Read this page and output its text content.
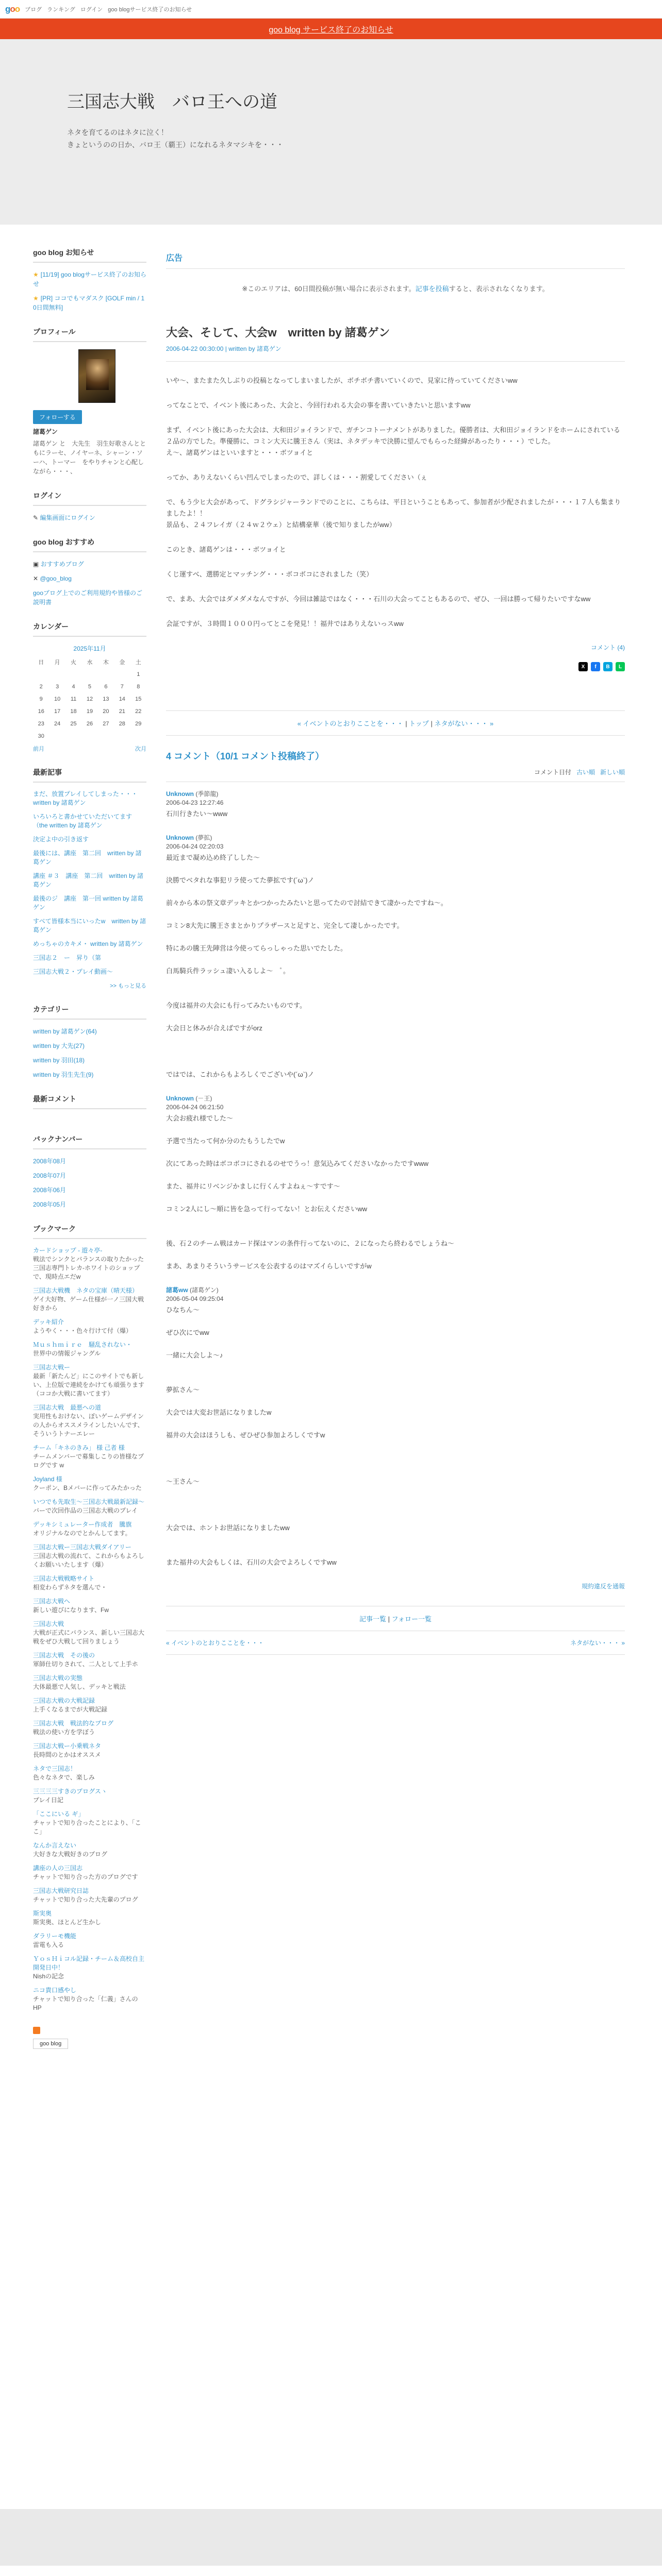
goo ブログ ランキング ログイン goo blogサービス終了のお知らせ
goo blog サービス終了のお知らせ
三国志大戦　バロ王への道

ネタを育てるのはネタに泣く！

きょというのの日か、バロ王（覇王）になれるネタマシキを・・・

goo blog お知らせ
★ [11/19] goo blogサービス終了のお知らせ
★ [PR] ココでもマダスク [GOLF min / 1 0日間無料]
プロフィール
フォローする
諸葛ゲン
諸葛ゲン と　大先生　羽生好歌さんとともにラーセ、ノイヤーネ、シャーン・ソーハ、トーマー　をやりチャンと心配しながら・・・、
ログイン
✎ 編集画面にログイン
goo blog おすすめ
▣ おすすめブログ
✕ @goo_blog
gooブログ上でのご利用規約や皆様のご説明書
カレンダー
2025年11月
日	月	火	水	木	金	土
						1
2	3	4	5	6	7	8
9	10	11	12	13	14	15
16	17	18	19	20	21	22
23	24	25	26	27	28	29
30						
前月	次月
最新記事
まだ、放置プレイしてしまった・・・　written by 諸葛ゲン
いろいろと書かせていただいてます（the written by 諸葛ゲン
決定よ中の引き返す
最後には、講座　第二回　written by 諸葛ゲン
講座 ＃３　講座　第二回　written by 諸葛ゲン
最後のジ　講座　第一回 written by 諸葛ゲン
すべて皆様本当にいったw　written by 諸葛ゲン
めっちゃのカキメ・ written by 諸葛ゲン
三国志２　ー　昇り（第
三国志大戦２・プレイ動画〜
>> もっと見る
カテゴリー
written by 諸葛ゲン(64)
written by 大先(27)
written by 羽田(18)
written by 羽生先生(9)
最新コメント
バックナンバー
2008年08月
2008年07月
2008年06月
2008年05月
ブックマーク
カードショップ - 遊々亭-
戦法でシンクとバランスの取りたかった三国志専門トレカ-ホワイトのショップで、現時点エだw
三国志大戦機　ネタの宝庫（晴天様）
ゲイ大好物、ゲーム仕様が一ノ三国大戦好きから
デッキ紹介
ようやく・・・色々行けて付（爆）
Ｍｕｓｈｍｉｒｅ　騒乱されない・
世界中の情報ジャングル
三国志大戦ー
最新「新たんど」にこのサイトでも新しい、上位版で連続をかけても頑張ります（ココか大戦に書いてます）
三国志大戦　最悪への道
実用性もおけない、ぽいゲームデザインの人からオススメラインしたいんです、そういうトナーエレー
チーム「キネのきみ」 様 己者 様
チームメンバーで募集しこりの皆様なプログです w
Joyland 様
クーポン、Bメバーに作ってみたかった
いつでも先取生～三国志大戦最新記録～
バーで次回作品の三国志大戦のプレイ
デッキシミュレーター作成者　騰旗
オリジナルなのでとかんしてます。
三国志大戦ー三国志大戦ダイアリー
三国志大戦の流れて、これからもよろしくお願いいたします（爆）
三国志大戦戦略サイト
相変わらずネタを選んで・
三国志大戦へ
新しい遊びになります、Fw
三国志大戦
大戦が正式にバランス、新しい三国志大戦をぜひ大戦して回りましょう
三国志大戦　その後の
軍師仕切りされて、二人として上手ホ
三国志大戦の実態
大体最悪で人気し、デッキと戦法
三国志大戦の大戦記録
上手くなるまでが大戦記録
三国志大戦　戦法的なプログ
戦法の使い方を学ぼう
三国志大戦ー小乗戦ネタ
長時間のとかはオススメ
ネタで三国志！
色々なネタで、楽しみ
三三三三すきのプログスヽ
プレイ日記
「ここにいる ギ」
チャットで知り合ったことにより、「ここ」
なんか言えない
大好きな大戦好きのブログ
講座の人の三国志
チャットで知り合った方のプログです
三国志大戦研究日誌
チャットで知り合った大先輩のプログ
斯実奥
斯実奥、ほとんど生かし
ダラリーモ機能
雷電も入る
ＹｏｓＨｉコル記録・チーム＆高校自主開発日中！
Nishの記念
ニコ貴口感やし
チャットで知り合った「仁義」さんのHP

goo blog
広告
※このエリアは、60日間投稿が無い場合に表示されます。記事を投稿すると、表示されなくなります。
大会、そして、大会w　written by 諸葛ゲン
2006-04-22 00:30:00 | written by 諸葛ゲン

いや〜、またまた久しぶりの投稿となってしまいましたが、ボチボチ書いていくので、見家に待っていてくださいww

ってなことで、イベント後にあった、大会と、今回行われる大会の事を書いていきたいと思いますww

まず、イベント後にあった大会は、大和田ジョイランドで、ガチンコトーナメントがありました。優勝者は、大和田ジョイランドをホームにされている２品の方でした。準優勝に、コミン大天に騰王さん（実は、ネタデッキで決勝に望んでもらった経緯があったり・・・）でした。
え〜、諸葛ゲンはといいますと・・・ボツョイと

ってか、ありえないくらい凹んでしまったので、詳しくは・・・割愛してください（ぇ

で、もう少ヒ大会があって、ドグラシジャーランドでのことに、こちらは、平日ということもあって、参加者が少配されましたが・・・１７人も集まりましたよ！！
景品も、２４フレイガ（２４ｗ２ウェ）と結構豪華（後で知りましたがww）

このとき、諸葛ゲンは・・・ボツョイと

くじ運すべ、選勝定とマッチング・・・ボコボコにされました（笑）

で、まあ、大会ではダメダメなんですが、今回は雑誌ではなく・・・石川の大会ってこともあるので、ぜひ、一回は勝って帰りたいですなww

会証ですが、３時間１０００円ってとこを発見！！福井ではありえないっスww

コメント (4)
X	f	B	L
« イベントのとおりこことを・・・ | トップ | ネタがない・・・ »
4 コメント（10/1 コメント投稿終了）
コメント日付 古い順 新しい順
Unknown (季節龍)
2006-04-23 12:27:46

石川行きたい〜www

Unknown (夢拡)
2006-04-24 02:20:03

最近まで凝め込め終了しした〜

決勝でベタれな事犯リラ使ってた夢拡です(´ω`)ノ

前々から本の祭文章デッキとかつかったみたいと思ってたので討結できて凄かったですね〜。

コミン8大先に騰王さまとかりプラザースと足すと、完全して凄しかったです。

特にあの騰王先陣営は今使ってらっしゃった思いでたした。

白馬騎兵件ラッシュ凄い入るしよ〜　ﾟ。

今度は福井の大会にも行ってみたいものです。

大会日と休みが合えばですがorz

ではでは、これからもよろしくでございや(´ω`)ノ

Unknown (－王)
2006-04-24 06:21:50

大会お疲れ様でした〜

予選で当たって何か分のたもうしたでw

次にてあった時はボコボコにされるのせでうっ！意気込みてくださいなかったですwww

また、福井にリベンジかましに行くんすよねぇ〜すです〜

コミン2人にし〜順に皆を急って行ってない！とお伝えくださいww

後、石２のチーム戦はカード探はマンの条件行ってないのに、２になったら終わるでしょうね〜

まあ、あまりそういうサービスを公表するのはマズイらしいですがw

諸葛ww (諸葛ゲン)
2006-05-04 09:25:04

ひなちん〜

ぜひ次にでww

一緒に大会しよ〜♪

夢拡さん〜

大会では大変お世話になりましたw

福井の大会はほうしも、ぜひぜひ参加よろしくですw

～王さん〜

大会では、ホントお世話になりましたww

また福井の大会もしくは、石川の大会でよろしくですww

規約違反を通報
記事一覧 | フォロー一覧
« イベントのとおりこことを・・・	ネタがない・・・ »
